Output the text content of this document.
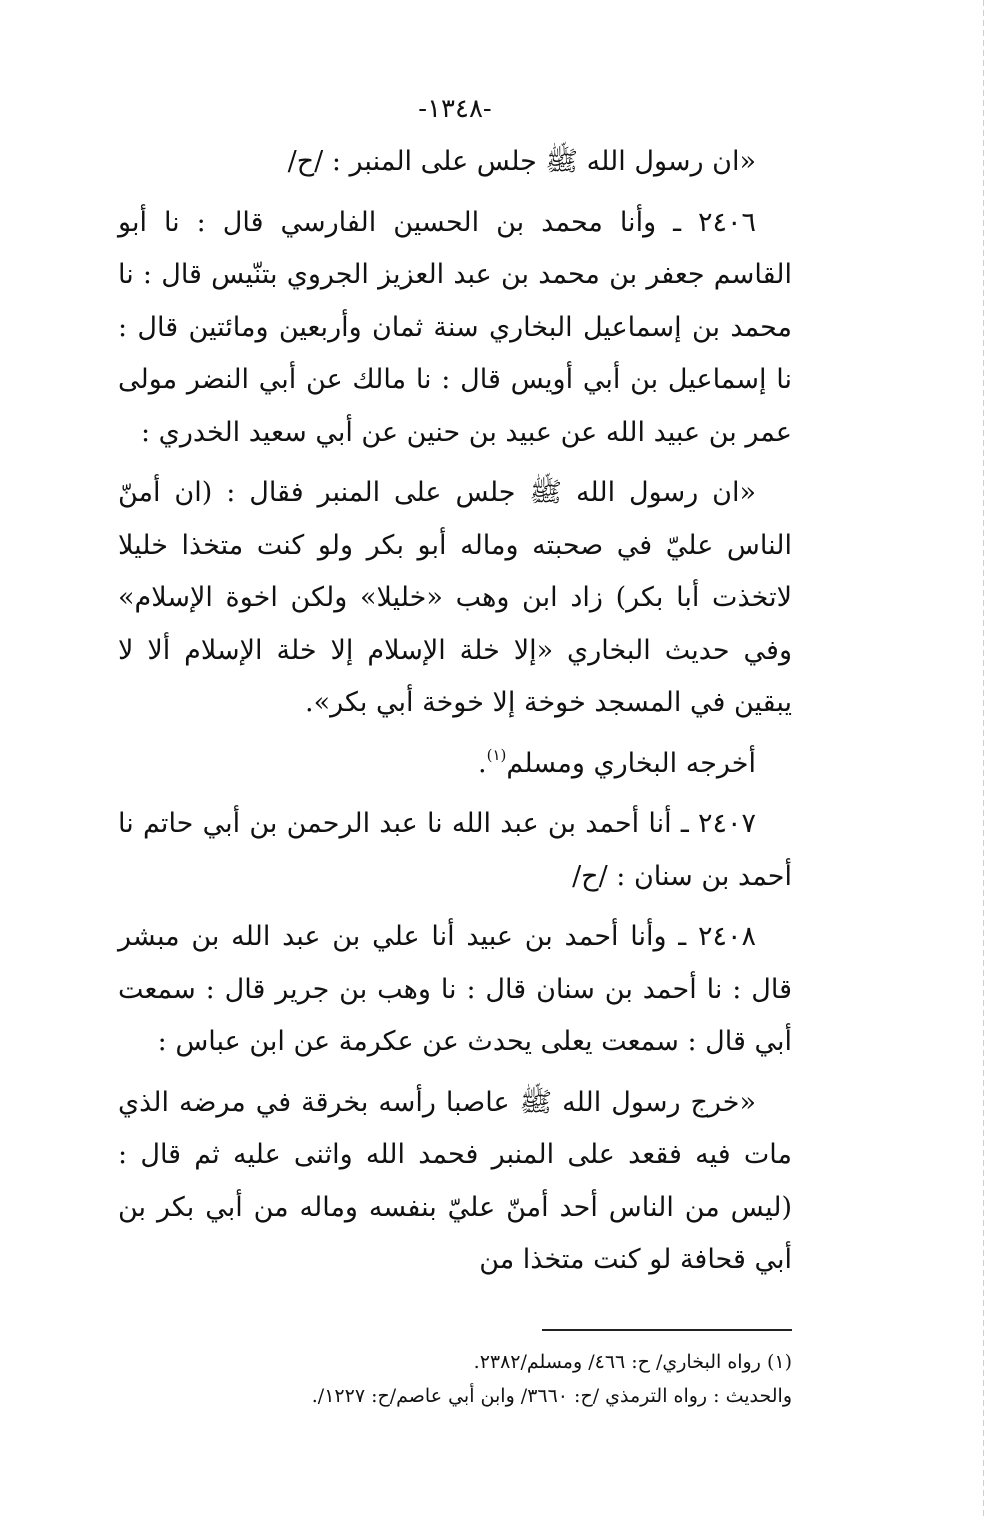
-١٣٤٨-

«ان رسول الله ﷺ جلس على المنبر : /ح/

٢٤٠٦ ـ وأنا محمد بن الحسين الفارسي قال : نا أبو القاسم جعفر بن محمد بن عبد العزيز الجروي بتنّيس قال : نا محمد بن إسماعيل البخاري سنة ثمان وأربعين ومائتين قال : نا إسماعيل بن أبي أويس قال : نا مالك عن أبي النضر مولى عمر بن عبيد الله عن عبيد بن حنين عن أبي سعيد الخدري :

«ان رسول الله ﷺ جلس على المنبر فقال : (ان أمنّ الناس عليّ في صحبته وماله أبو بكر ولو كنت متخذا خليلا لاتخذت أبا بكر) زاد ابن وهب «خليلا» ولكن اخوة الإسلام» وفي حديث البخاري «إلا خلة الإسلام إلا خلة الإسلام ألا لا يبقين في المسجد خوخة إلا خوخة أبي بكر».

أخرجه البخاري ومسلم$^{(١)}$.

٢٤٠٧ ـ أنا أحمد بن عبد الله نا عبد الرحمن بن أبي حاتم نا أحمد بن سنان : /ح/

٢٤٠٨ ـ وأنا أحمد بن عبيد أنا علي بن عبد الله بن مبشر قال : نا أحمد بن سنان قال : نا وهب بن جرير قال : سمعت أبي قال : سمعت يعلى يحدث عن عكرمة عن ابن عباس :

«خرج رسول الله ﷺ عاصبا رأسه بخرقة في مرضه الذي مات فيه فقعد على المنبر فحمد الله واثنى عليه ثم قال : (ليس من الناس أحد أمنّ عليّ بنفسه وماله من أبي بكر بن أبي قحافة لو كنت متخذا من

(١) رواه البخاري/ ح: ٤٦٦/ ومسلم/٢٣٨٢.

والحديث : رواه الترمذي /ح: ٣٦٦٠/ وابن أبي عاصم/ح: ١٢٢٧/.
